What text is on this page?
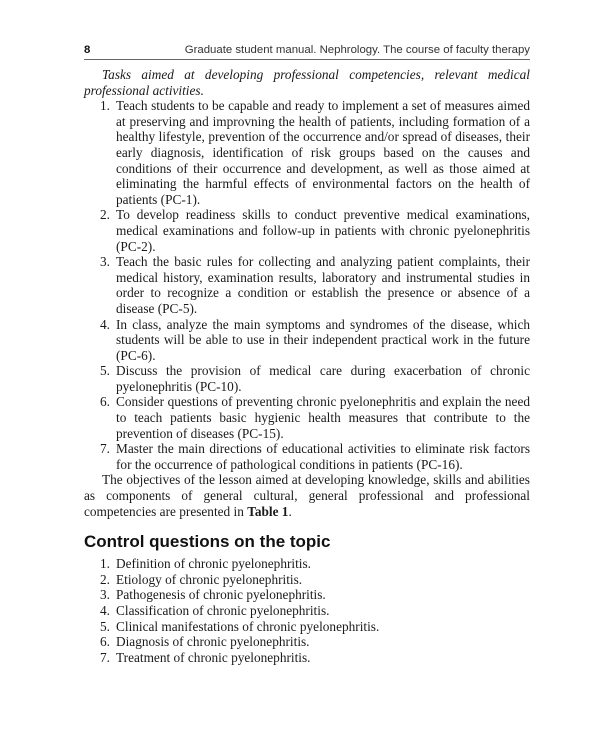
8	Graduate student manual. Nephrology. The course of faculty therapy

Tasks aimed at developing professional competencies, relevant medical professional activities.

1. Teach students to be capable and ready to implement a set of measures aimed at preserving and improvning the health of patients, including formation of a healthy lifestyle, prevention of the occurrence and/or spread of diseases, their early diagnosis, identification of risk groups based on the causes and conditions of their occurrence and development, as well as those aimed at eliminating the harmful effects of environmental factors on the health of patients (PC-1).
2. To develop readiness skills to conduct preventive medical examinations, medical examinations and follow-up in patients with chronic pyelonephritis (PC-2).
3. Teach the basic rules for collecting and analyzing patient complaints, their medical history, examination results, laboratory and instrumental studies in order to recognize a condition or establish the presence or absence of a disease (PC-5).
4. In class, analyze the main symptoms and syndromes of the disease, which students will be able to use in their independent practical work in the future (PC-6).
5. Discuss the provision of medical care during exacerbation of chronic pyelonephritis (PC-10).
6. Consider questions of preventing chronic pyelonephritis and explain the need to teach patients basic hygienic health measures that contribute to the prevention of diseases (PC-15).
7. Master the main directions of educational activities to eliminate risk factors for the occurrence of pathological conditions in patients (PC-16).

The objectives of the lesson aimed at developing knowledge, skills and abilities as components of general cultural, general professional and professional competencies are presented in Table 1.

Control questions on the topic
1. Definition of chronic pyelonephritis.
2. Etiology of chronic pyelonephritis.
3. Pathogenesis of chronic pyelonephritis.
4. Classification of chronic pyelonephritis.
5. Clinical manifestations of chronic pyelonephritis.
6. Diagnosis of chronic pyelonephritis.
7. Treatment of chronic pyelonephritis.
